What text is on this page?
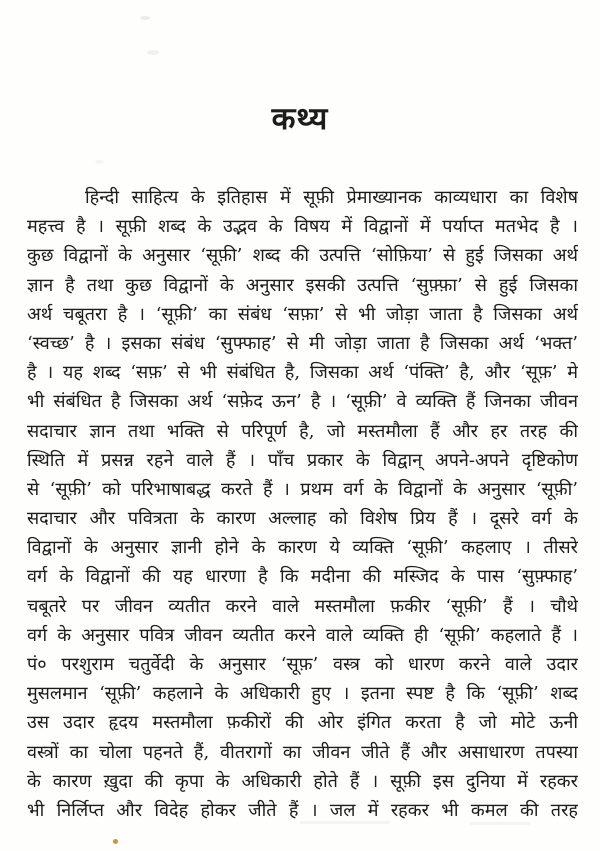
कथ्य
हिन्दी साहित्य के इतिहास में सूफ़ी प्रेमाख्यानक काव्यधारा का विशेष
महत्त्व है । सूफ़ी शब्द के उद्भव के विषय में विद्वानों में पर्याप्त मतभेद है ।
कुछ विद्वानों के अनुसार ‘सूफ़ी’ शब्द की उत्पत्ति ‘सोफ़िया’ से हुई जिसका अर्थ
ज्ञान है तथा कुछ विद्वानों के अनुसार इसकी उत्पत्ति ‘सुफ़्फ़ा’ से हुई जिसका
अर्थ चबूतरा है । ‘सूफ़ी’ का संबंध ‘सफ़ा’ से भी जोड़ा जाता है जिसका अर्थ
‘स्वच्छ’ है । इसका संबंध ‘सुफ्फाह’ से मी जोड़ा जाता है जिसका अर्थ ‘भक्त’
है । यह शब्द ‘सफ़’ से भी संबंधित है, जिसका अर्थ ‘पंक्ति’ है, और ‘सूफ़’ मे
भी संबंधित है जिसका अर्थ ‘सफ़ेद ऊन’ है । ‘सूफ़ी’ वे व्यक्ति हैं जिनका जीवन
सदाचार ज्ञान तथा भक्ति से परिपूर्ण है, जो मस्तमौला हैं और हर तरह की
स्थिति में प्रसन्न रहने वाले हैं । पाँच प्रकार के विद्वान् अपने-अपने दृष्टिकोण
से ‘सूफ़ी’ को परिभाषाबद्ध करते हैं । प्रथम वर्ग के विद्वानों के अनुसार ‘सूफ़ी’
सदाचार और पवित्रता के कारण अल्लाह को विशेष प्रिय हैं । दूसरे वर्ग के
विद्वानों के अनुसार ज्ञानी होने के कारण ये व्यक्ति ‘सूफ़ी’ कहलाए । तीसरे
वर्ग के विद्वानों की यह धारणा है कि मदीना की मस्जिद के पास ‘सुफ़्फाह’
चबूतरे पर जीवन व्यतीत करने वाले मस्तमौला फ़कीर ‘सूफ़ी’ हैं । चौथे
वर्ग के अनुसार पवित्र जीवन व्यतीत करने वाले व्यक्ति ही ‘सूफ़ी’ कहलाते हैं ।
पं० परशुराम चतुर्वेदी के अनुसार ‘सूफ़’ वस्त्र को धारण करने वाले उदार
मुसलमान ‘सूफ़ी’ कहलाने के अधिकारी हुए । इतना स्पष्ट है कि ‘सूफ़ी’ शब्द
उस उदार हृदय मस्तमौला फ़कीरों की ओर इंगित करता है जो मोटे ऊनी
वस्त्रों का चोला पहनते हैं, वीतरागों का जीवन जीते हैं और असाधारण तपस्या
के कारण ख़ुदा की कृपा के अधिकारी होते हैं । सूफ़ी इस दुनिया में रहकर
भी निर्लिप्त और विदेह होकर जीते हैं । जल में रहकर भी कमल की तरह
